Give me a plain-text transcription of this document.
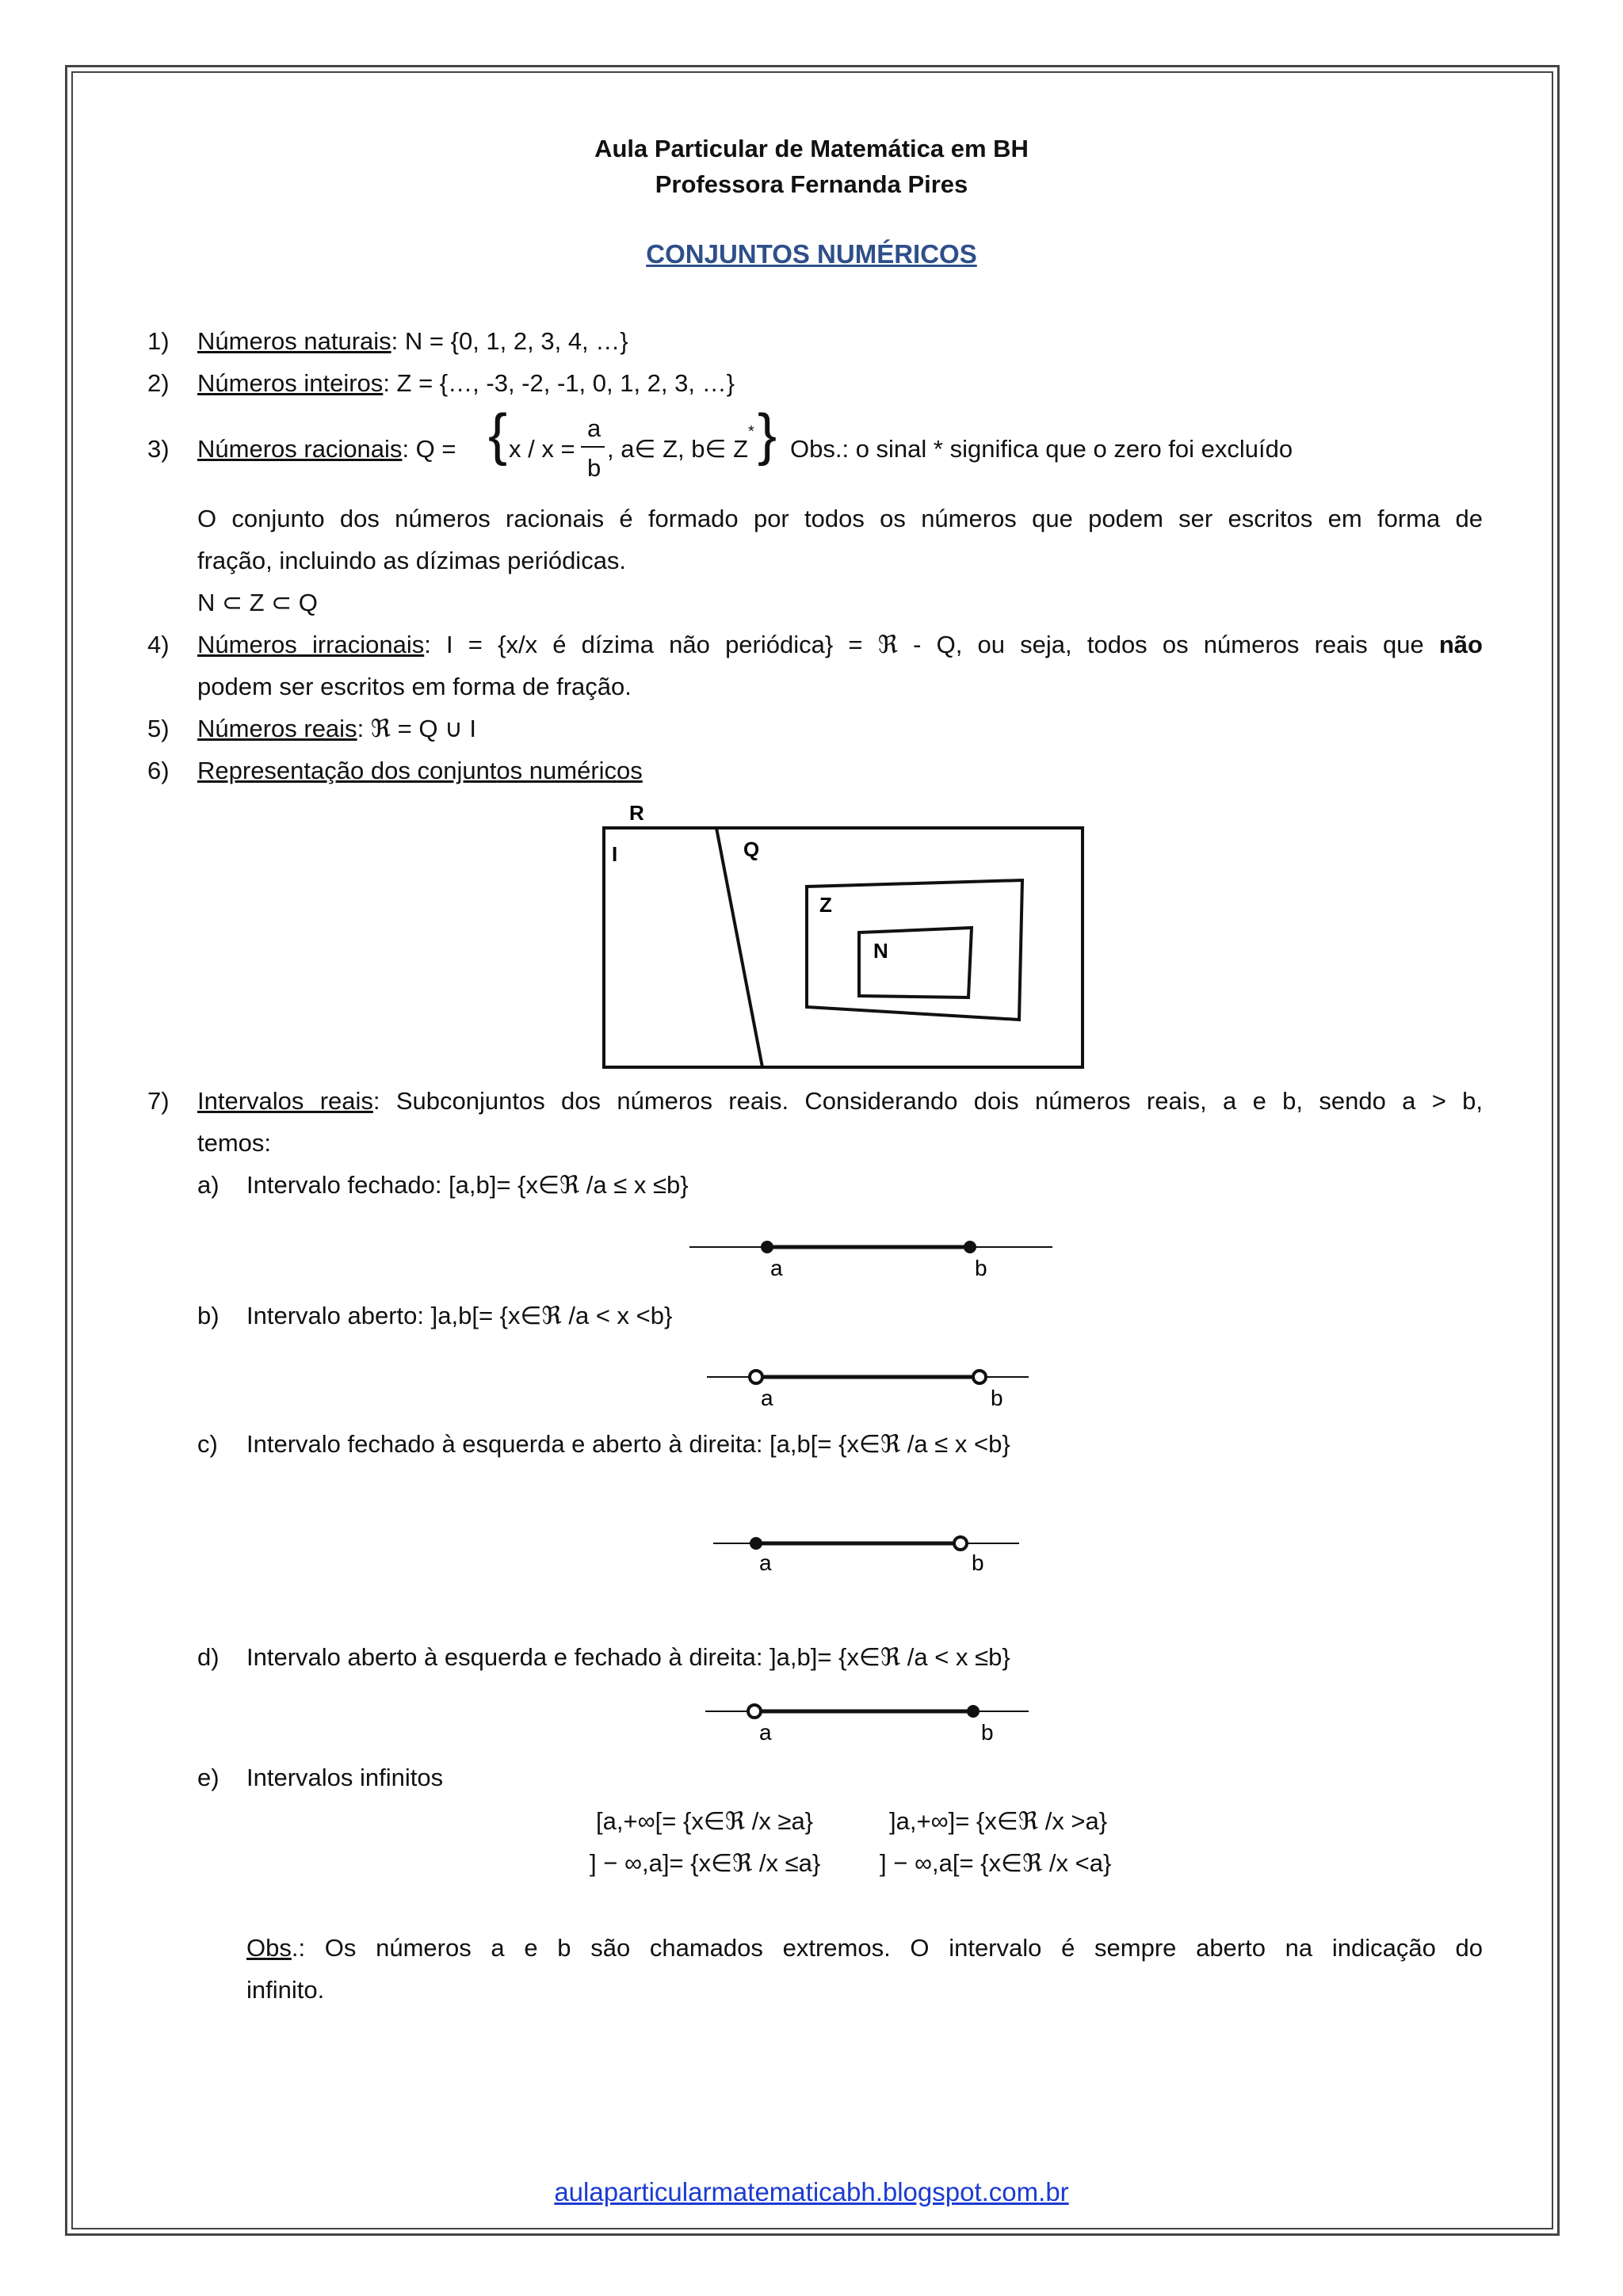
Aula Particular de Matemática em BH
Professora Fernanda Pires
CONJUNTOS NUMÉRICOS
1) Números naturais: N = {0, 1, 2, 3, 4, …}
2) Números inteiros: Z = {…, -3, -2, -1, 0, 1, 2, 3, …}
3) Números racionais: Q = { x / x =
a
b
, a∈ Z, b∈ Z
* } Obs.: o sinal * significa que o zero foi excluído
O conjunto dos números racionais é formado por todos os números que podem ser escritos em forma de
fração, incluindo as dízimas periódicas.
N ⊂ Z ⊂ Q
4) Números irracionais: I = {x/x é dízima não periódica} = ℜ - Q, ou seja, todos os números reais que não
podem ser escritos em forma de fração.
5) Números reais: ℜ = Q ∪ I
6) Representação dos conjuntos numéricos
R
I	Q
Z
N
7) Intervalos reais: Subconjuntos dos números reais. Considerando dois números reais, a e b, sendo a > b,
temos:
a) Intervalo fechado: [a,b]= {x∈ℜ /a ≤ x ≤b}
a	b
b) Intervalo aberto: ]a,b[= {x∈ℜ /a < x <b}
a	b
c) Intervalo fechado à esquerda e aberto à direita: [a,b[= {x∈ℜ /a ≤ x <b}
a	b
d) Intervalo aberto à esquerda e fechado à direita: ]a,b]= {x∈ℜ /a < x ≤b}
a	b
e) Intervalos infinitos
[a,+∞[= {x∈ℜ /x ≥a}	]a,+∞]= {x∈ℜ /x >a}
] − ∞,a]= {x∈ℜ /x ≤a} ] − ∞,a[= {x∈ℜ /x <a}
Obs.: Os números a e b são chamados extremos. O intervalo é sempre aberto na indicação do
infinito.
aulaparticularmatematicabh.blogspot.com.br
